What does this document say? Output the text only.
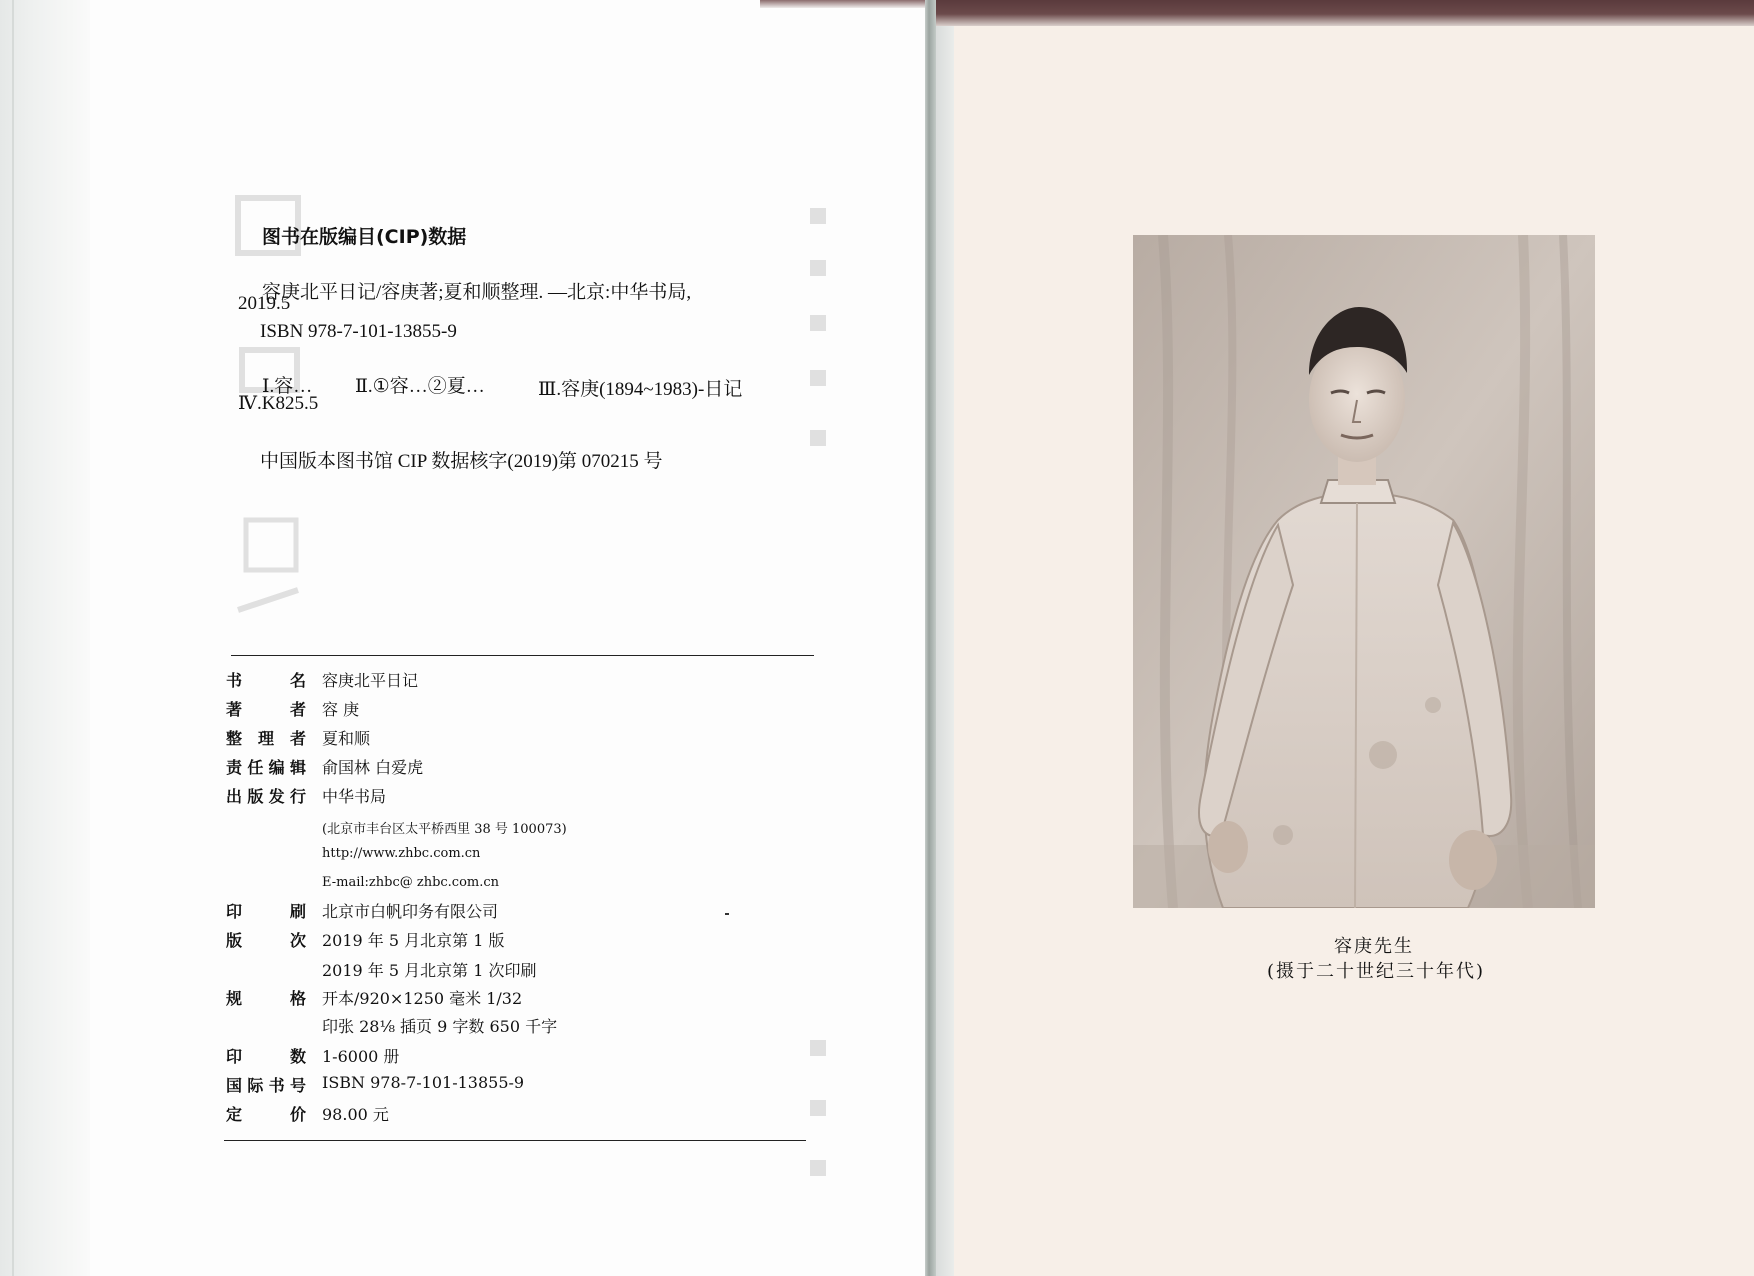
图书在版编目(CIP)数据
容庚北平日记/容庚著;夏和顺整理. —北京:中华书局,
2019.5
ISBN 978-7-101-13855-9
Ⅰ.容… Ⅱ.①容…②夏…	Ⅲ.容庚(1894~1983)-日记
Ⅳ.K825.5
中国版本图书馆 CIP 数据核字(2019)第 070215 号
书	名 容庚北平日记
著	者 容 庚
整 理 者 夏和顺
责 任 编 辑 俞国林 白爱虎
出 版 发 行 中华书局
(北京市丰台区太平桥西里 38 号 100073)
http://www.zhbc.com.cn
E-mail:zhbc@ zhbc.com.cn
印	刷 北京市白帆印务有限公司
版	次 2019 年 5 月北京第 1 版
2019 年 5 月北京第 1 次印刷
规	格 开本/920×1250 毫米 1/32
印张 28⅛ 插页 9 字数 650 千字
印	数 1-6000 册
国 际 书 号 ISBN 978-7-101-13855-9
定	价 98.00 元
容庚先生
(摄于二十世纪三十年代)
